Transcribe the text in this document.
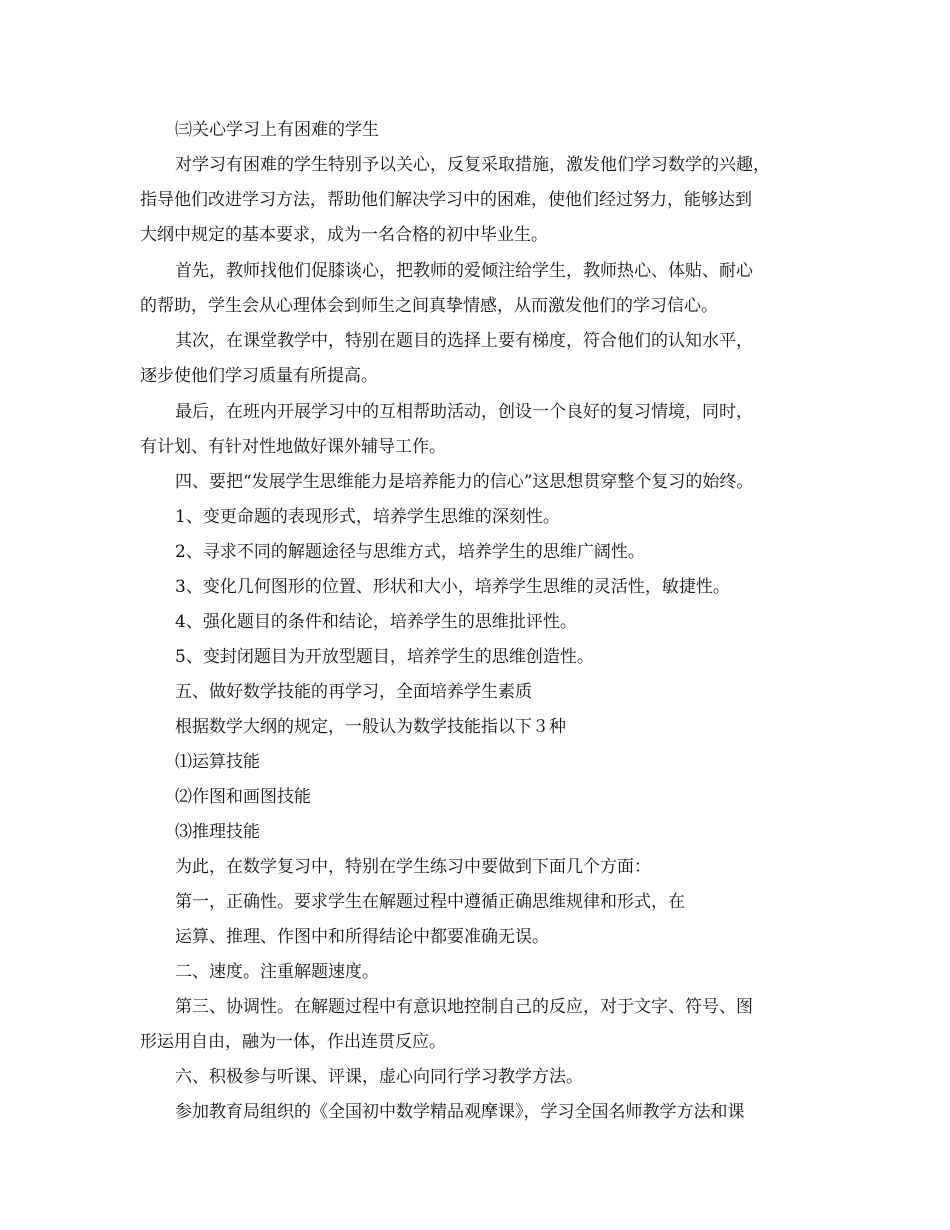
㈢关心学习上有困难的学生
对学习有困难的学生特别予以关心，反复采取措施，激发他们学习数学的兴趣，
指导他们改进学习方法，帮助他们解决学习中的困难，使他们经过努力，能够达到
大纲中规定的基本要求，成为一名合格的初中毕业生。
首先，教师找他们促膝谈心，把教师的爱倾注给学生，教师热心、体贴、耐心
的帮助，学生会从心理体会到师生之间真挚情感，从而激发他们的学习信心。
其次，在课堂教学中，特别在题目的选择上要有梯度，符合他们的认知水平，
逐步使他们学习质量有所提高。
最后，在班内开展学习中的互相帮助活动，创设一个良好的复习情境，同时，
有计划、有针对性地做好课外辅导工作。
四、要把“发展学生思维能力是培养能力的信心”这思想贯穿整个复习的始终。
1、变更命题的表现形式，培养学生思维的深刻性。
2、寻求不同的解题途径与思维方式，培养学生的思维广阔性。
3、变化几何图形的位置、形状和大小，培养学生思维的灵活性，敏捷性。
4、强化题目的条件和结论，培养学生的思维批评性。
5、变封闭题目为开放型题目，培养学生的思维创造性。
五、做好数学技能的再学习，全面培养学生素质
根据数学大纲的规定，一般认为数学技能指以下３种
⑴运算技能
⑵作图和画图技能
⑶推理技能
为此，在数学复习中，特别在学生练习中要做到下面几个方面：
第一，正确性。要求学生在解题过程中遵循正确思维规律和形式，在
运算、推理、作图中和所得结论中都要准确无误。
二、速度。注重解题速度。
第三、协调性。在解题过程中有意识地控制自己的反应，对于文字、符号、图
形运用自由，融为一体，作出连贯反应。
六、积极参与听课、评课，虚心向同行学习教学方法。
参加教育局组织的《全国初中数学精品观摩课》，学习全国名师教学方法和课
